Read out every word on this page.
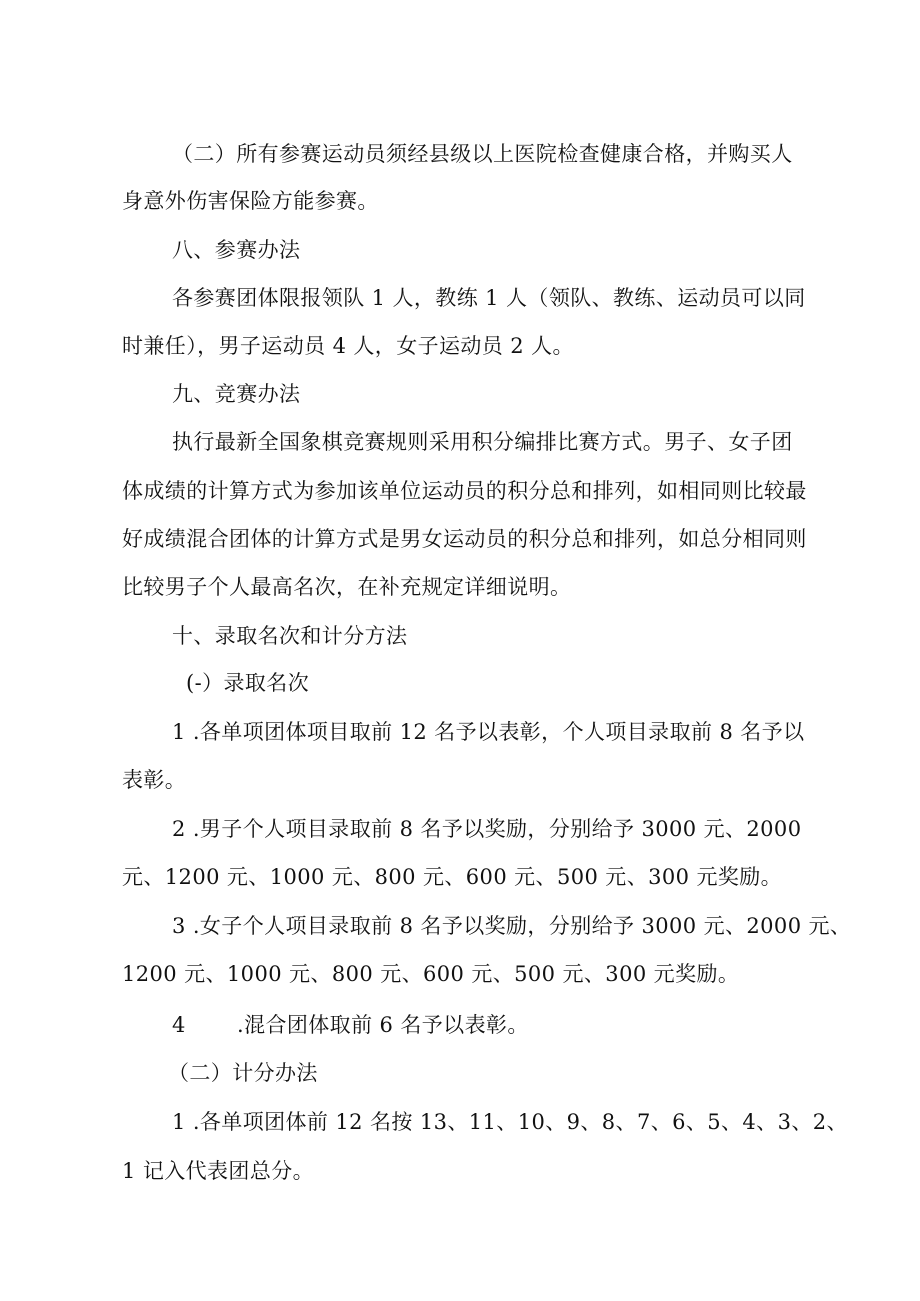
（二）所有参赛运动员须经县级以上医院检查健康合格，并购买人
身意外伤害保险方能参赛。
八、参赛办法
各参赛团体限报领队 1 人，教练 1 人（领队、教练、运动员可以同
时兼任），男子运动员 4 人，女子运动员 2 人。
九、竞赛办法
执行最新全国象棋竞赛规则采用积分编排比赛方式。男子、女子团
体成绩的计算方式为参加该单位运动员的积分总和排列，如相同则比较最
好成绩混合团体的计算方式是男女运动员的积分总和排列，如总分相同则
比较男子个人最高名次，在补充规定详细说明。
十、录取名次和计分方法
(-）录取名次
1 .各单项团体项目取前 12 名予以表彰，个人项目录取前 8 名予以
表彰。
2 .男子个人项目录取前 8 名予以奖励，分别给予 3000 元、2000
元、1200 元、1000 元、800 元、600 元、500 元、300 元奖励。
3 .女子个人项目录取前 8 名予以奖励，分别给予 3000 元、2000 元、
1200 元、1000 元、800 元、600 元、500 元、300 元奖励。
4 .混合团体取前 6 名予以表彰。
（二）计分办法
1 .各单项团体前 12 名按 13、11、10、9、8、7、6、5、4、3、2、
1 记入代表团总分。
